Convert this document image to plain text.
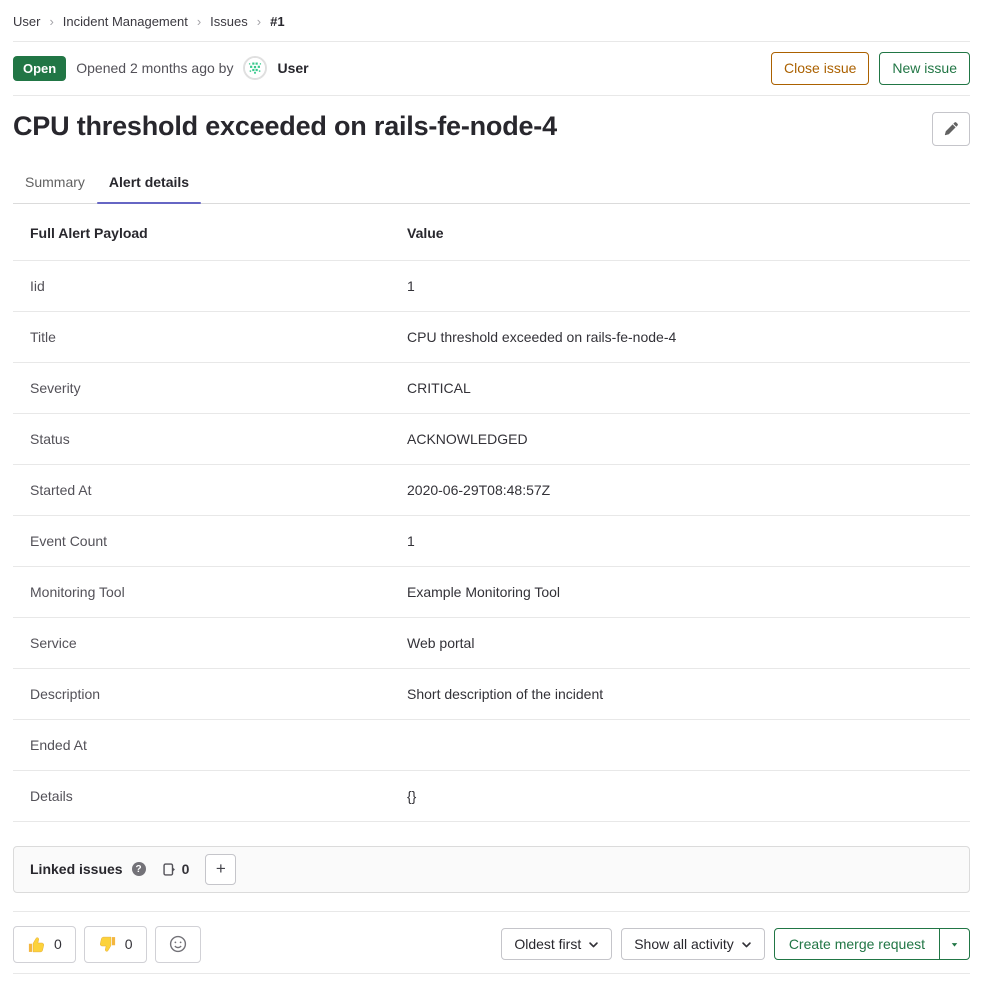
User › Incident Management › Issues › #1
Open	Opened 2 months ago by	User	Close issue	New issue
CPU threshold exceeded on rails-fe-node-4
Summary	Alert details
Full Alert Payload	Value
Iid	1
Title	CPU threshold exceeded on rails-fe-node-4
Severity	CRITICAL
Status	ACKNOWLEDGED
Started At	2020-06-29T08:48:57Z
Event Count	1
Monitoring Tool	Example Monitoring Tool
Service	Web portal
Description	Short description of the incident
Ended At	
Details	{}
Linked issues	?	0 +
0	0	Oldest first	Show all activity	Create merge request
